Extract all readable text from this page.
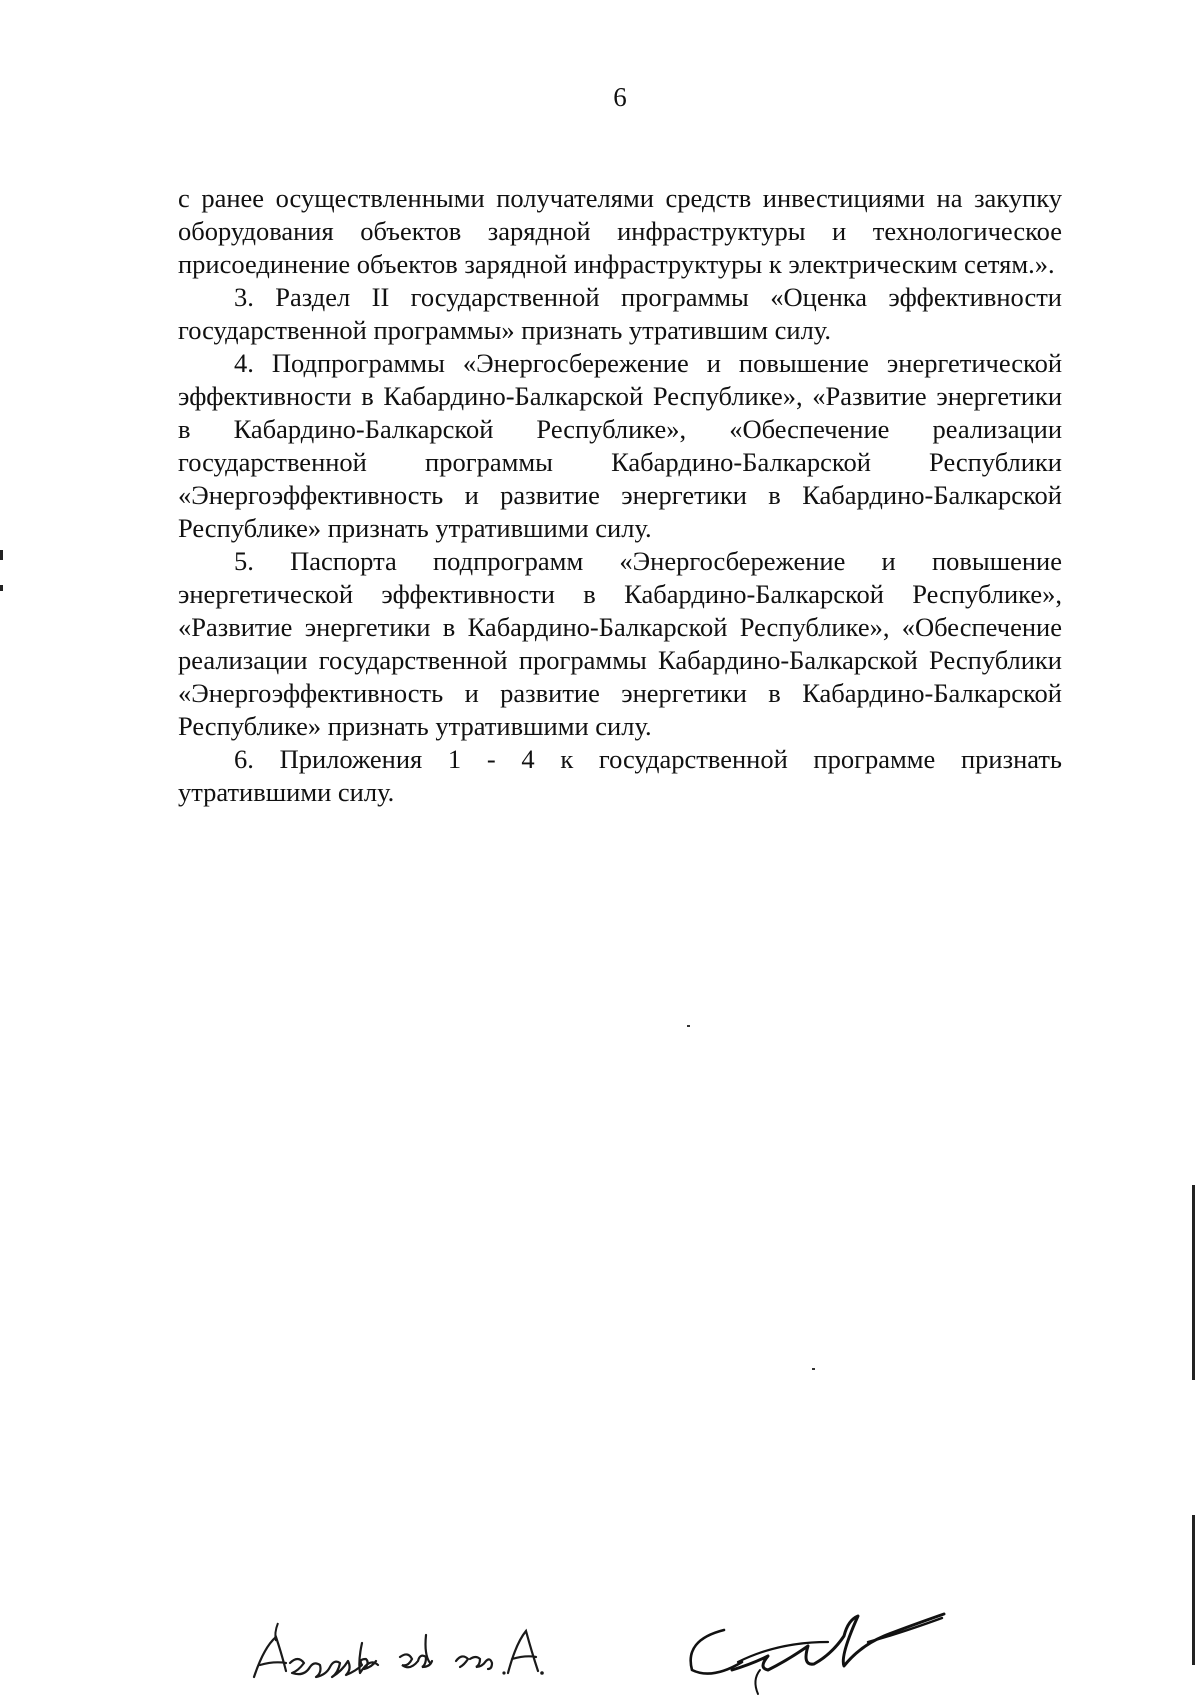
6

с ранее осуществленными получателями средств инвестициями на закупку оборудования объектов зарядной инфраструктуры и технологическое присоединение объектов зарядной инфраструктуры к электрическим сетям.».

3. Раздел II государственной программы «Оценка эффективности государственной программы» признать утратившим силу.

4. Подпрограммы «Энергосбережение и повышение энергетической эффективности в Кабардино-Балкарской Республике», «Развитие энергетики в Кабардино-Балкарской Республике», «Обеспечение реализации государственной программы Кабардино-Балкарской Республики «Энергоэффективность и развитие энергетики в Кабардино-Балкарской Республике» признать утратившими силу.

5. Паспорта подпрограмм «Энергосбережение и повышение энергетической эффективности в Кабардино-Балкарской Республике», «Развитие энергетики в Кабардино-Балкарской Республике», «Обеспечение реализации государственной программы Кабардино-Балкарской Республики «Энергоэффективность и развитие энергетики в Кабардино-Балкарской Республике» признать утратившими силу.

6. Приложения 1 - 4 к государственной программе признать утратившими силу.
